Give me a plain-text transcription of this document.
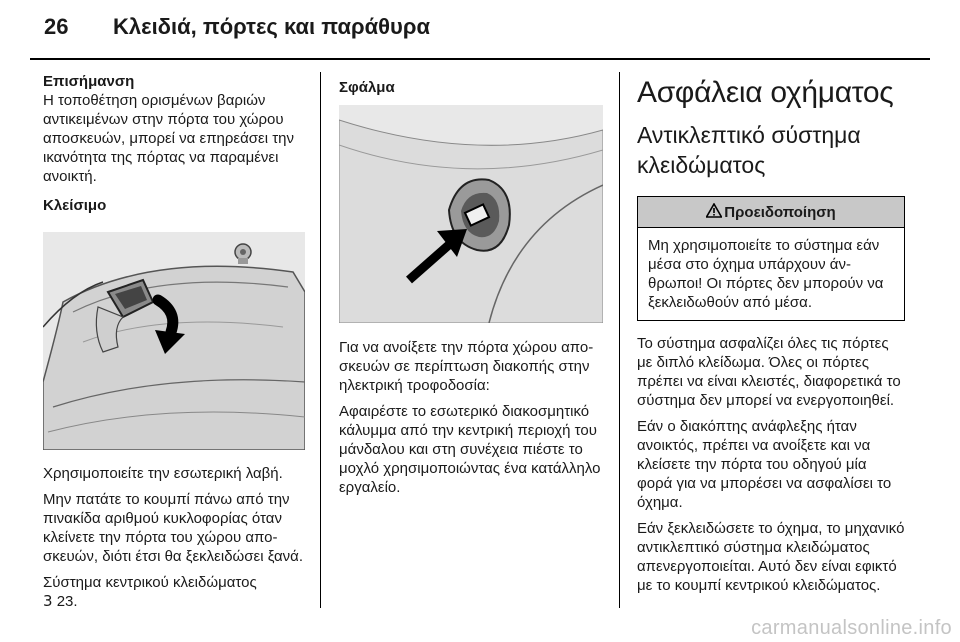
26 Κλειδιά, πόρτες και παράθυρα

Επισήμανση
Η τοποθέτηση ορισμένων βαριών αντικειμένων στην πόρτα του χώρου αποσκευών, μπορεί να επηρεάσει την ικανότητα της πόρτας να παραμένει ανοικτή.

Κλείσιμο

Χρησιμοποιείτε την εσωτερική λαβή.

Μην πατάτε το κουμπί πάνω από την πινακίδα αριθμού κυκλοφορίας όταν κλείνετε την πόρτα του χώρου αποσκευών, διότι έτσι θα ξεκλειδώσει ξανά.

Σύστημα κεντρικού κλειδώματος
3 23.

Σφάλμα

Για να ανοίξετε την πόρτα χώρου αποσκευών σε περίπτωση διακοπής στην ηλεκτρική τροφοδοσία:

Αφαιρέστε το εσωτερικό διακοσμητικό κάλυμμα από την κεντρική περιοχή του μάνδαλου και στη συνέχεια πιέστε το μοχλό χρησιμοποιώντας ένα κατάλληλο εργαλείο.

Ασφάλεια οχήματος
Αντικλεπτικό σύστημα κλειδώματος
Προειδοποίηση

Μη χρησιμοποιείτε το σύστημα εάν μέσα στο όχημα υπάρχουν άνθρωποι! Οι πόρτες δεν μπορούν να ξεκλειδωθούν από μέσα.

Το σύστημα ασφαλίζει όλες τις πόρτες με διπλό κλείδωμα. Όλες οι πόρτες πρέπει να είναι κλειστές, διαφορετικά το σύστημα δεν μπορεί να ενεργοποιηθεί.

Εάν ο διακόπτης ανάφλεξης ήταν ανοικτός, πρέπει να ανοίξετε και να κλείσετε την πόρτα του οδηγού μία φορά για να μπορέσει να ασφαλίσει το όχημα.

Εάν ξεκλειδώσετε το όχημα, το μηχανικό αντικλεπτικό σύστημα κλειδώματος απενεργοποιείται. Αυτό δεν είναι εφικτό με το κουμπί κεντρικού κλειδώματος.

carmanualsonline.info
